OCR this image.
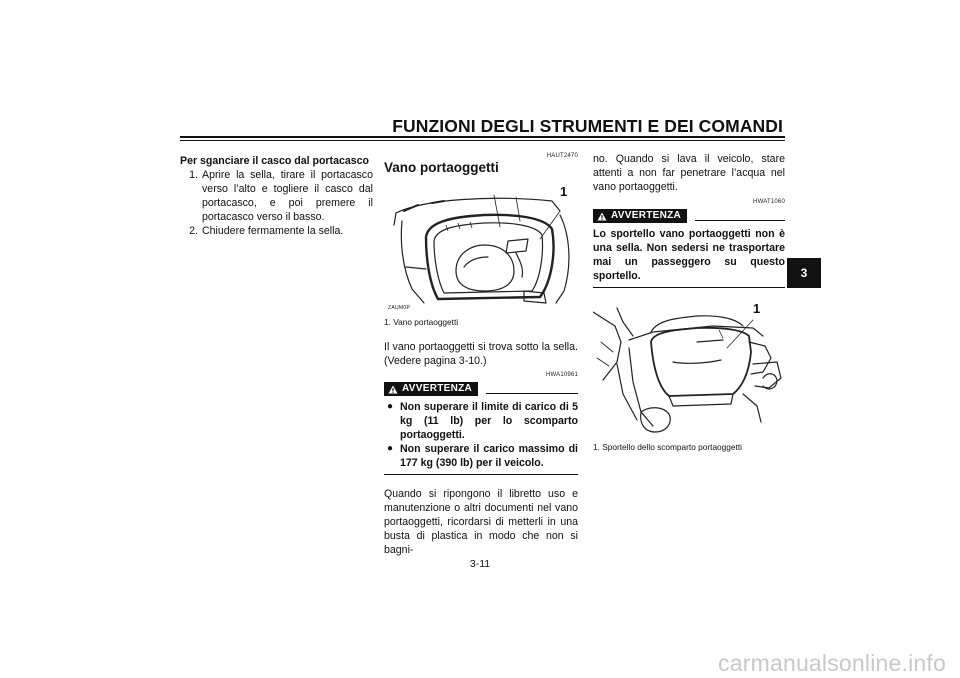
FUNZIONI DEGLI STRUMENTI E DEI COMANDI
3
Per sganciare il casco dal portacasco
1. Aprire la sella, tirare il portacasco verso l’alto e togliere il casco dal portacasco, e poi premere il portacasco verso il basso.
2. Chiudere fermamente la sella.
HAUT2470
Vano portaoggetti
1
ZAUM0P
1. Vano portaoggetti
Il vano portaoggetti si trova sotto la sella. (Vedere pagina 3-10.)
HWA10961
AVVERTENZA
● Non superare il limite di carico di 5 kg (11 lb) per lo scomparto portaoggetti.
● Non superare il carico massimo di 177 kg (390 lb) per il veicolo.
Quando si ripongono il libretto uso e manutenzione o altri documenti nel vano portaoggetti, ricordarsi di metterli in una busta di plastica in modo che non si bagni-
no. Quando si lava il veicolo, stare attenti a non far penetrare l’acqua nel vano portaoggetti.
HWAT1060
AVVERTENZA
Lo sportello vano portaoggetti non è una sella. Non sedersi ne trasportare mai un passeggero su questo sportello.
1
1. Sportello dello scomparto portaoggetti
3-11
carmanualsonline.info
